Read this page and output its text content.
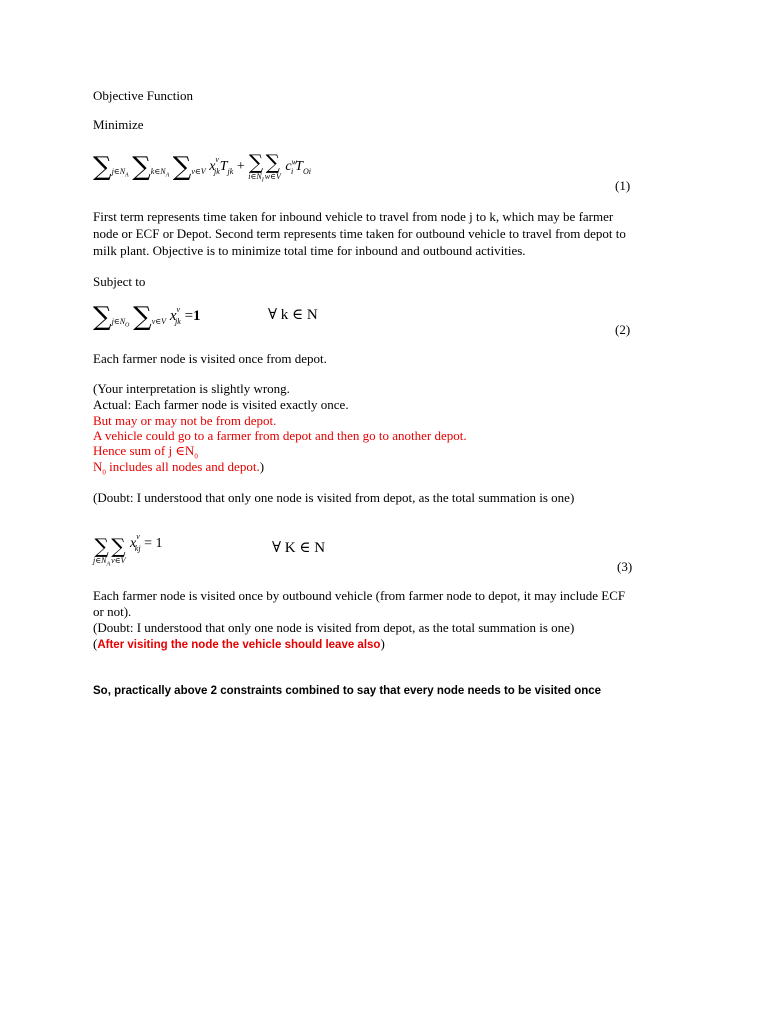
Objective Function
Minimize
$\sum_{j\in N_A}$ $\sum_{k\in N_A}$ $\sum_{v\in V}$ $x^v_{jk}T_{jk}$ + ∑
$i\in N_I$
∑
w∈V
$c^w_i$ $T_{Oi}$
(1)
First term represents time taken for inbound vehicle to travel from node j to k, which may be farmer
node or ECF or Depot. Second term represents time taken for outbound vehicle to travel from depot to
milk plant. Objective is to minimize total time for inbound and outbound activities.
Subject to
$\sum_{j\in N_O}$ $\sum_{v\in V}$ $x^v_{jk} =1$	∀ k ∈ N
(2)
Each farmer node is visited once from depot.
(Your interpretation is slightly wrong.
Actual: Each farmer node is visited exactly once.
But may or may not be from depot.
A vehicle could go to a farmer from depot and then go to another depot.
Hence sum of j $\in N_0$
$N_0$ includes all nodes and depot.)
(Doubt: I understood that only one node is visited from depot, as the total summation is one)
∑
$j\in N_A$
∑
v∈V
$x^v_{kj} = 1$	∀ K ∈ N
(3)
Each farmer node is visited once by outbound vehicle (from farmer node to depot, it may include ECF
or not).
(Doubt: I understood that only one node is visited from depot, as the total summation is one)
(After visiting the node the vehicle should leave also)
So, practically above 2 constraints combined to say that every node needs to be visited once
